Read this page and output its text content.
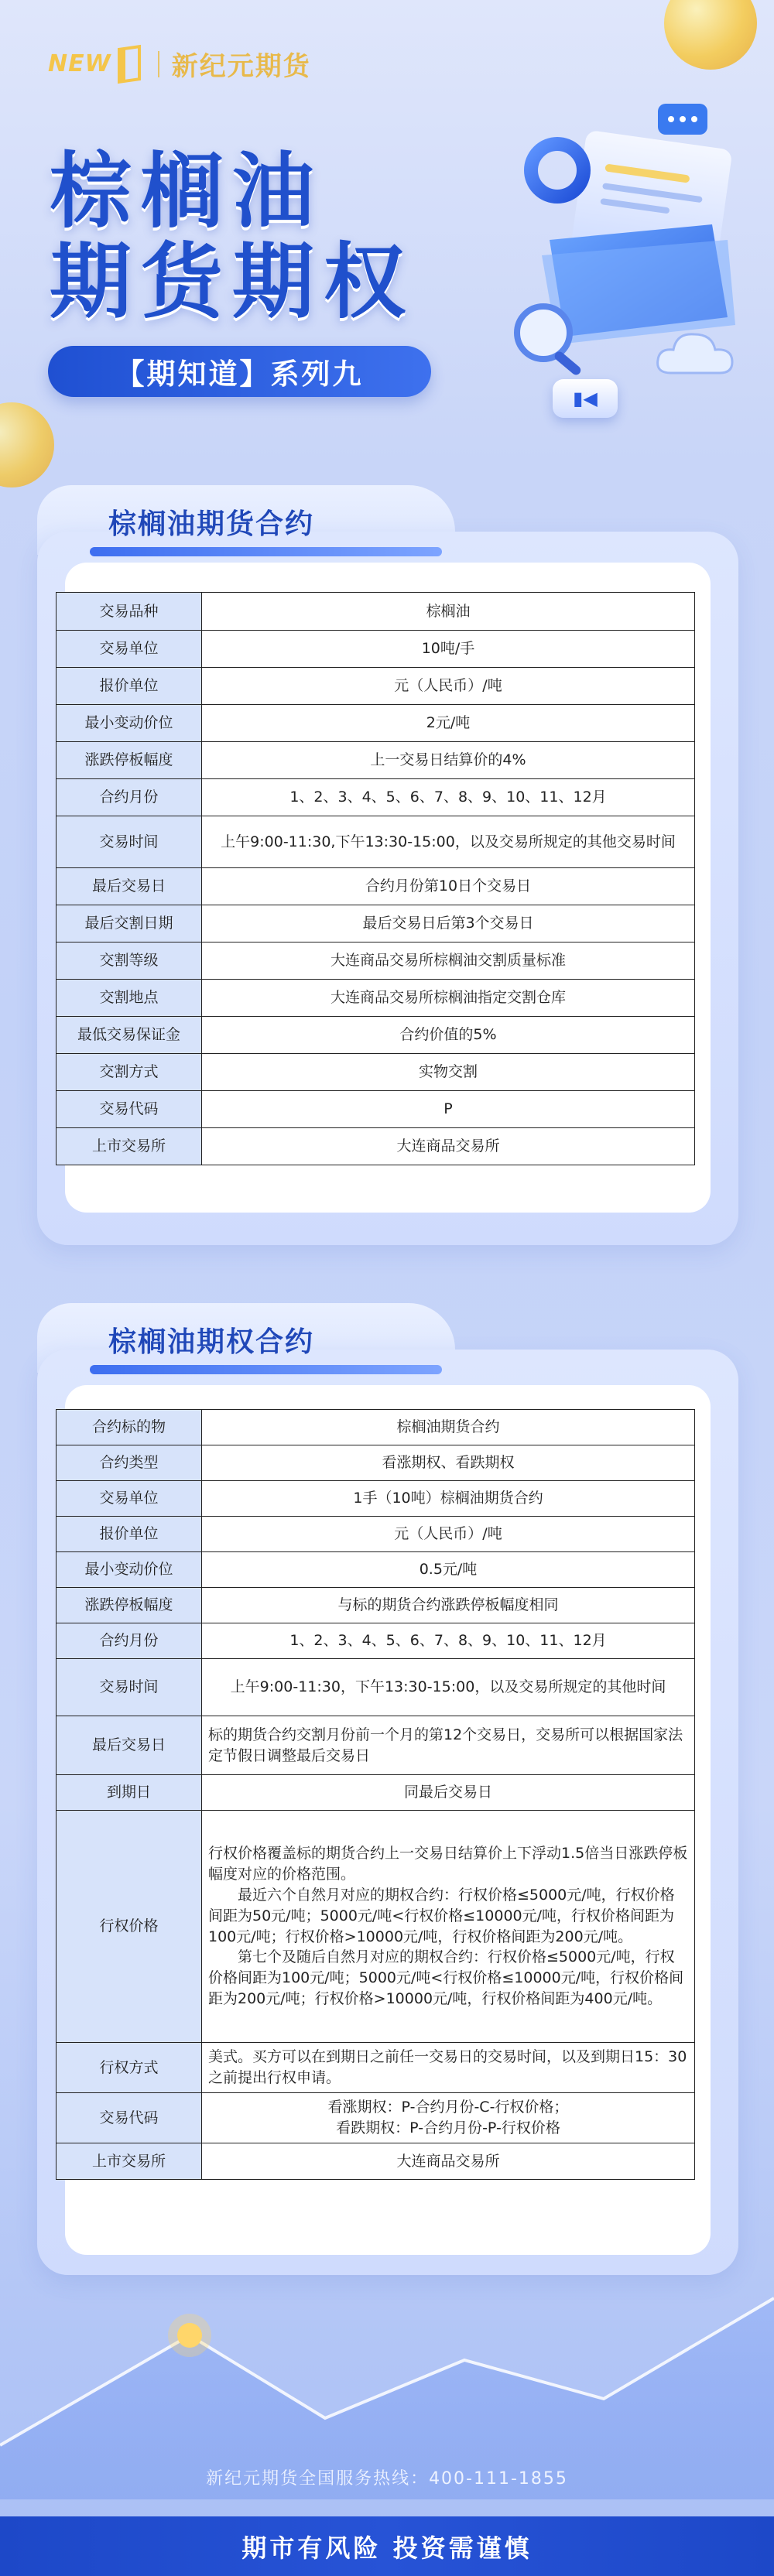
NEW 新纪元期货
棕榈油
期货期权
【期知道】系列九
▮◀
棕榈油期货合约
交易品种	棕榈油
交易单位	10吨/手
报价单位	元（人民币）/吨
最小变动价位	2元/吨
涨跌停板幅度	上一交易日结算价的4%
合约月份	1、2、3、4、5、6、7、8、9、10、11、12月
交易时间	上午9:00-11:30,下午13:30-15:00，以及交易所规定的其他交易时间
最后交易日	合约月份第10日个交易日
最后交割日期	最后交易日后第3个交易日
交割等级	大连商品交易所棕榈油交割质量标准
交割地点	大连商品交易所棕榈油指定交割仓库
最低交易保证金	合约价值的5%
交割方式	实物交割
交易代码	P
上市交易所	大连商品交易所
棕榈油期权合约
合约标的物	棕榈油期货合约
合约类型	看涨期权、看跌期权
交易单位	1手（10吨）棕榈油期货合约
报价单位	元（人民币）/吨
最小变动价位	0.5元/吨
涨跌停板幅度	与标的期货合约涨跌停板幅度相同
合约月份	1、2、3、4、5、6、7、8、9、10、11、12月
交易时间	上午9:00-11:30，下午13:30-15:00，以及交易所规定的其他时间
最后交易日	标的期货合约交割月份前一个月的第12个交易日，交易所可以根据国家法定节假日调整最后交易日
到期日	同最后交易日
行权价格	行权价格覆盖标的期货合约上一交易日结算价上下浮动1.5倍当日涨跌停板幅度对应的价格范围。

最近六个自然月对应的期权合约：行权价格≤5000元/吨，行权价格间距为50元/吨；5000元/吨<行权价格≤10000元/吨，行权价格间距为100元/吨；行权价格>10000元/吨，行权价格间距为200元/吨。

第七个及随后自然月对应的期权合约：行权价格≤5000元/吨，行权价格间距为100元/吨；5000元/吨<行权价格≤10000元/吨，行权价格间距为200元/吨；行权价格>10000元/吨，行权价格间距为400元/吨。

行权方式	美式。买方可以在到期日之前任一交易日的交易时间，以及到期日15：30之前提出行权申请。

交易代码	看涨期权：P-合约月份-C-行权价格；
看跌期权：P-合约月份-P-行权价格

上市交易所	大连商品交易所
新纪元期货全国服务热线：400-111-1855
期市有风险 投资需谨慎
